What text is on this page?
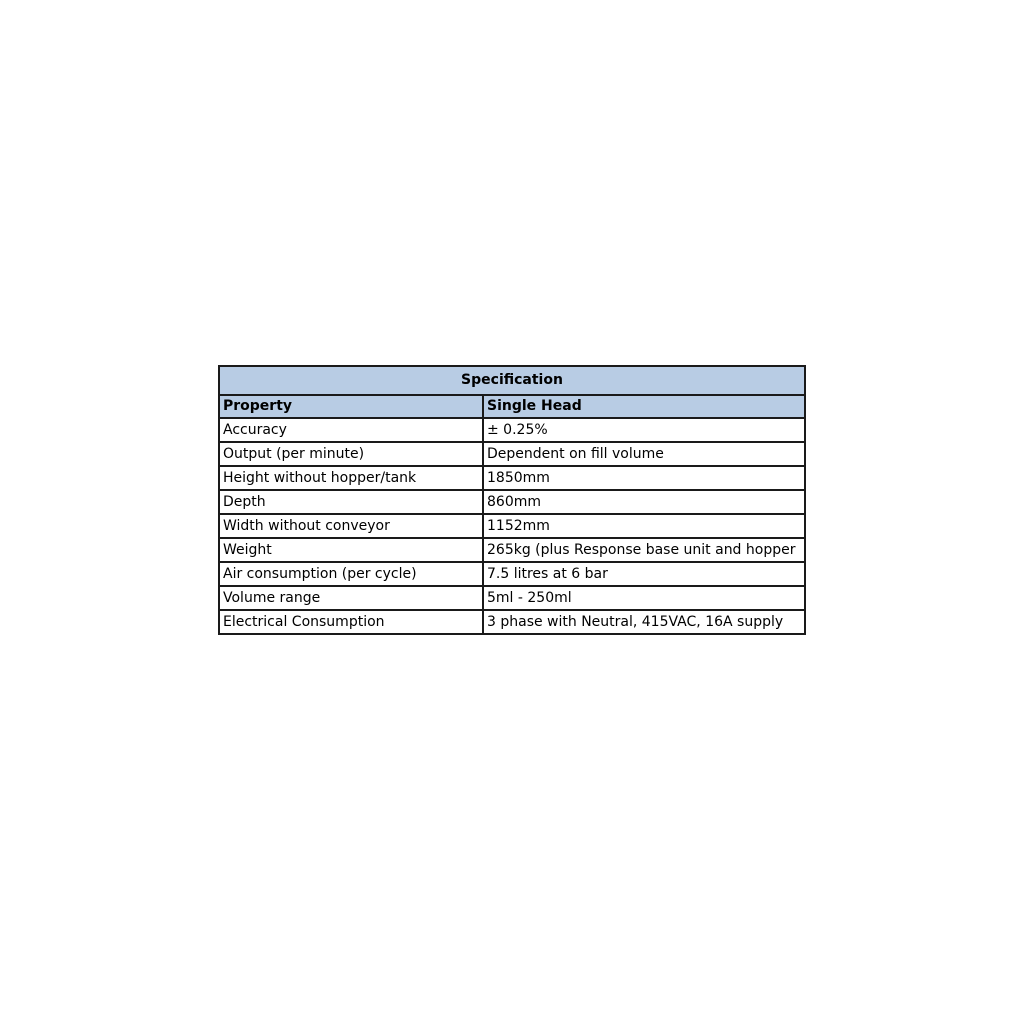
Specification	
Property	Single Head
Accuracy	± 0.25%
Output (per minute)	Dependent on fill volume
Height without hopper/tank	1850mm
Depth	860mm
Width without conveyor	1152mm
Weight	265kg (plus Response base unit and hopper
Air consumption (per cycle)	7.5 litres at 6 bar
Volume range	5ml - 250ml
Electrical Consumption	3 phase with Neutral, 415VAC, 16A supply
